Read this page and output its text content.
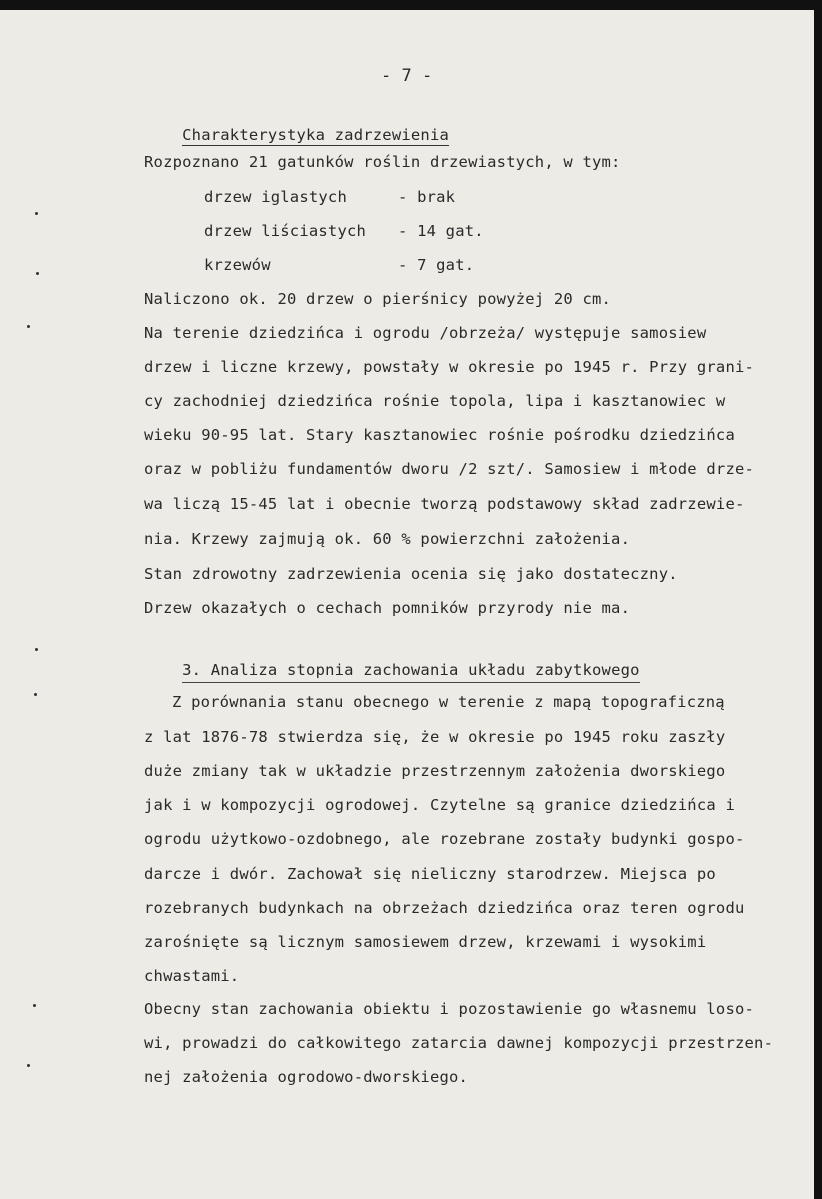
- 7 -

Charakterystyka zadrzewienia

Rozpoznano 21 gatunków roślin drzewiastych, w tym:
drzew iglastych	- brak
drzew liściastych - 14 gat.
krzewów	- 7 gat.
Naliczono ok. 20 drzew o pierśnicy powyżej 20 cm.
Na terenie dziedzińca i ogrodu /obrzeża/ występuje samosiew
drzew i liczne krzewy, powstały w okresie po 1945 r. Przy grani-
cy zachodniej dziedzińca rośnie topola, lipa i kasztanowiec w
wieku 90-95 lat. Stary kasztanowiec rośnie pośrodku dziedzińca
oraz w pobliżu fundamentów dworu /2 szt/. Samosiew i młode drze-
wa liczą 15-45 lat i obecnie tworzą podstawowy skład zadrzewie-
nia. Krzewy zajmują ok. 60 % powierzchni założenia.
Stan zdrowotny zadrzewienia ocenia się jako dostateczny.
Drzew okazałych o cechach pomników przyrody nie ma.

3. Analiza stopnia zachowania układu zabytkowego

Z porównania stanu obecnego w terenie z mapą topograficzną
z lat 1876-78 stwierdza się, że w okresie po 1945 roku zaszły
duże zmiany tak w układzie przestrzennym założenia dworskiego
jak i w kompozycji ogrodowej. Czytelne są granice dziedzińca i
ogrodu użytkowo-ozdobnego, ale rozebrane zostały budynki gospo-
darcze i dwór. Zachował się nieliczny starodrzew. Miejsca po
rozebranych budynkach na obrzeżach dziedzińca oraz teren ogrodu
zarośnięte są licznym samosiewem drzew, krzewami i wysokimi
chwastami.
Obecny stan zachowania obiektu i pozostawienie go własnemu loso-
wi, prowadzi do całkowitego zatarcia dawnej kompozycji przestrzen-
nej założenia ogrodowo-dworskiego.
